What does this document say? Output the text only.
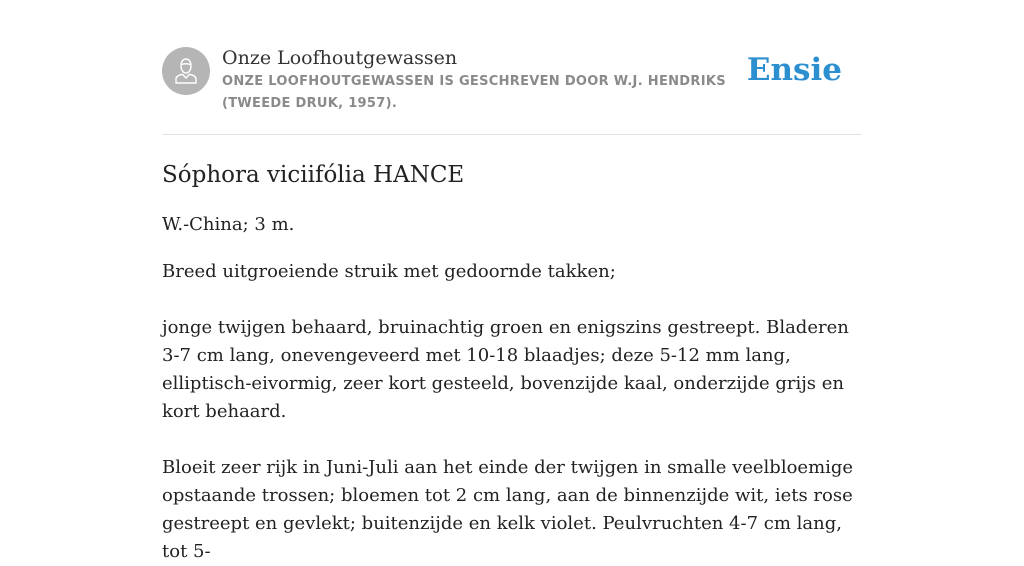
Onze Loofhoutgewassen
ONZE LOOFHOUTGEWASSEN IS GESCHREVEN DOOR W.J. HENDRIKS (TWEEDE DRUK, 1957).
Ensie
Sóphora viciifólia HANCE

W.-China; 3 m.

Breed uitgroeiende struik met gedoornde takken;
jonge twijgen behaard, bruinachtig groen en enigszins gestreept. Bladeren 3-7 cm lang, onevengeveerd met 10-18 blaadjes; deze 5-12 mm lang, elliptisch-eivormig, zeer kort gesteeld, bovenzijde kaal, onderzijde grijs en kort behaard.
Bloeit zeer rijk in Juni-Juli aan het einde der twijgen in smalle veelbloemige opstaande trossen; bloemen tot 2 cm lang, aan de binnenzijde wit, iets rose gestreept en gevlekt; buitenzijde en kelk violet. Peulvruchten 4-7 cm lang, tot 5-
